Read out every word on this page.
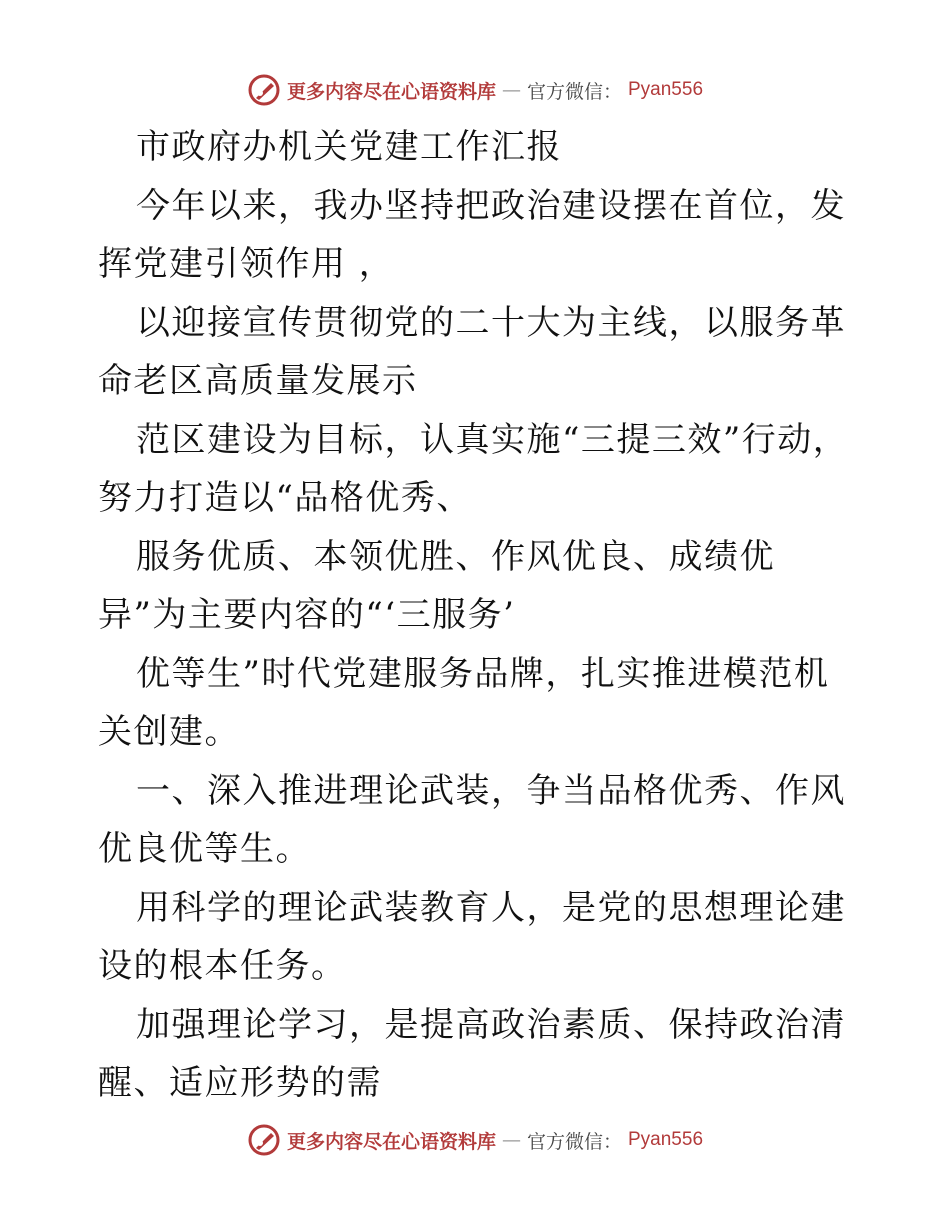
更多内容尽在心语资料库 — 官方微信： Pyan556

市政府办机关党建工作汇报

今年以来，我办坚持把政治建设摆在首位，发挥党建引领作用 ，

以迎接宣传贯彻党的二十大为主线，以服务革命老区高质量发展示

范区建设为目标，认真实施“三提三效”行动，努力打造以“品格优秀、

服务优质、本领优胜、作风优良、成绩优异”为主要内容的“‘三服务’

优等生”时代党建服务品牌，扎实推进模范机关创建。

一、深入推进理论武装，争当品格优秀、作风优良优等生。

用科学的理论武装教育人，是党的思想理论建设的根本任务。

加强理论学习，是提高政治素质、保持政治清醒、适应形势的需

更多内容尽在心语资料库 — 官方微信： Pyan556
